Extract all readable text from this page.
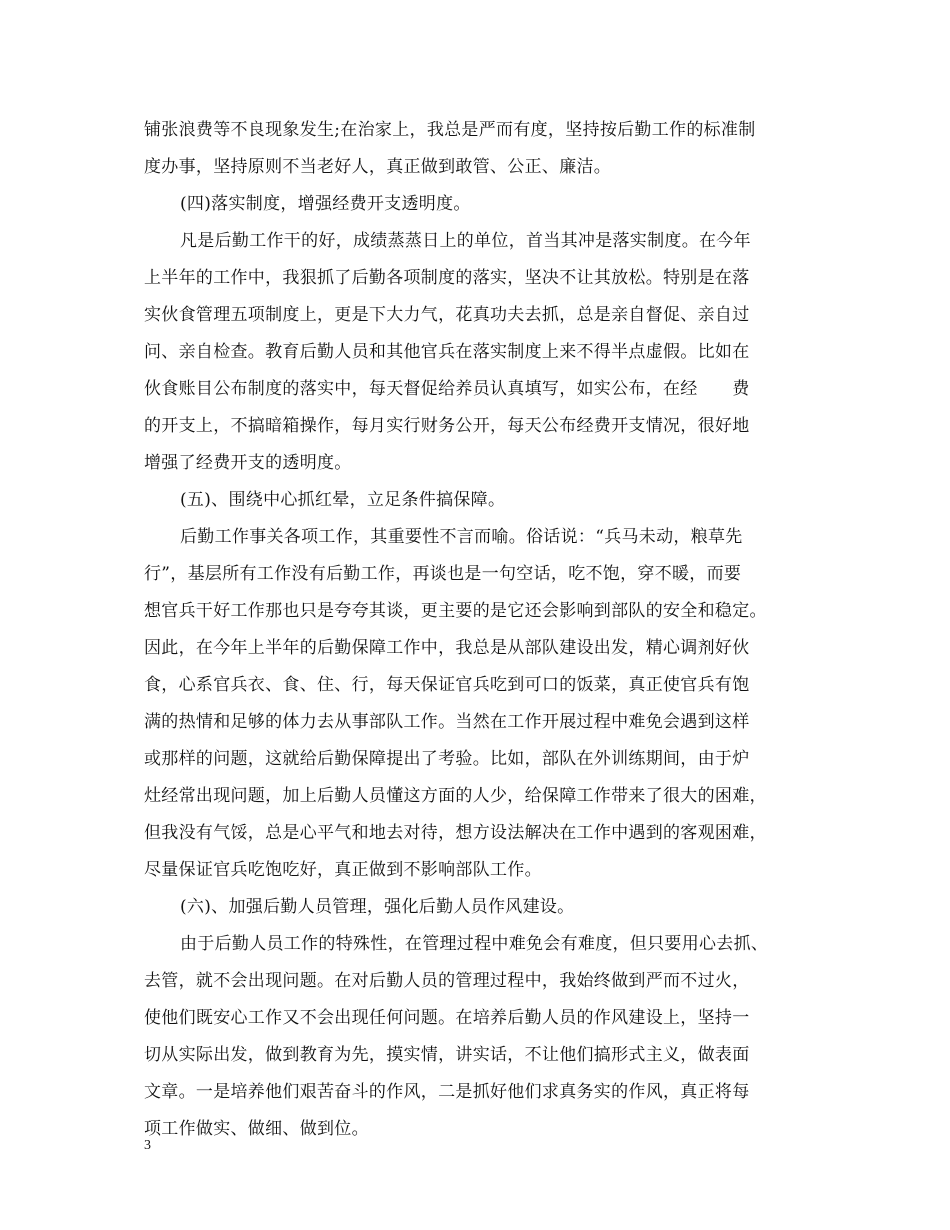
铺张浪费等不良现象发生;在治家上，我总是严而有度，坚持按后勤工作的标准制
度办事，坚持原则不当老好人，真正做到敢管、公正、廉洁。
(四)落实制度，增强经费开支透明度。
凡是后勤工作干的好，成绩蒸蒸日上的单位，首当其冲是落实制度。在今年
上半年的工作中，我狠抓了后勤各项制度的落实，坚决不让其放松。特别是在落
实伙食管理五项制度上，更是下大力气，花真功夫去抓，总是亲自督促、亲自过
问、亲自检查。教育后勤人员和其他官兵在落实制度上来不得半点虚假。比如在
伙食账目公布制度的落实中，每天督促给养员认真填写，如实公布，在经　　费
的开支上，不搞暗箱操作，每月实行财务公开，每天公布经费开支情况，很好地
增强了经费开支的透明度。
(五)、围绕中心抓红晕，立足条件搞保障。
后勤工作事关各项工作，其重要性不言而喻。俗话说：“兵马未动，粮草先
行”，基层所有工作没有后勤工作，再谈也是一句空话，吃不饱，穿不暖，而要
想官兵干好工作那也只是夸夸其谈，更主要的是它还会影响到部队的安全和稳定。
因此，在今年上半年的后勤保障工作中，我总是从部队建设出发，精心调剂好伙
食，心系官兵衣、食、住、行，每天保证官兵吃到可口的饭菜，真正使官兵有饱
满的热情和足够的体力去从事部队工作。当然在工作开展过程中难免会遇到这样
或那样的问题，这就给后勤保障提出了考验。比如，部队在外训练期间，由于炉
灶经常出现问题，加上后勤人员懂这方面的人少，给保障工作带来了很大的困难，
但我没有气馁，总是心平气和地去对待，想方设法解决在工作中遇到的客观困难，
尽量保证官兵吃饱吃好，真正做到不影响部队工作。
(六)、加强后勤人员管理，强化后勤人员作风建设。
由于后勤人员工作的特殊性，在管理过程中难免会有难度，但只要用心去抓、
去管，就不会出现问题。在对后勤人员的管理过程中，我始终做到严而不过火，
使他们既安心工作又不会出现任何问题。在培养后勤人员的作风建设上，坚持一
切从实际出发，做到教育为先，摸实情，讲实话，不让他们搞形式主义，做表面
文章。一是培养他们艰苦奋斗的作风，二是抓好他们求真务实的作风，真正将每
项工作做实、做细、做到位。
3
